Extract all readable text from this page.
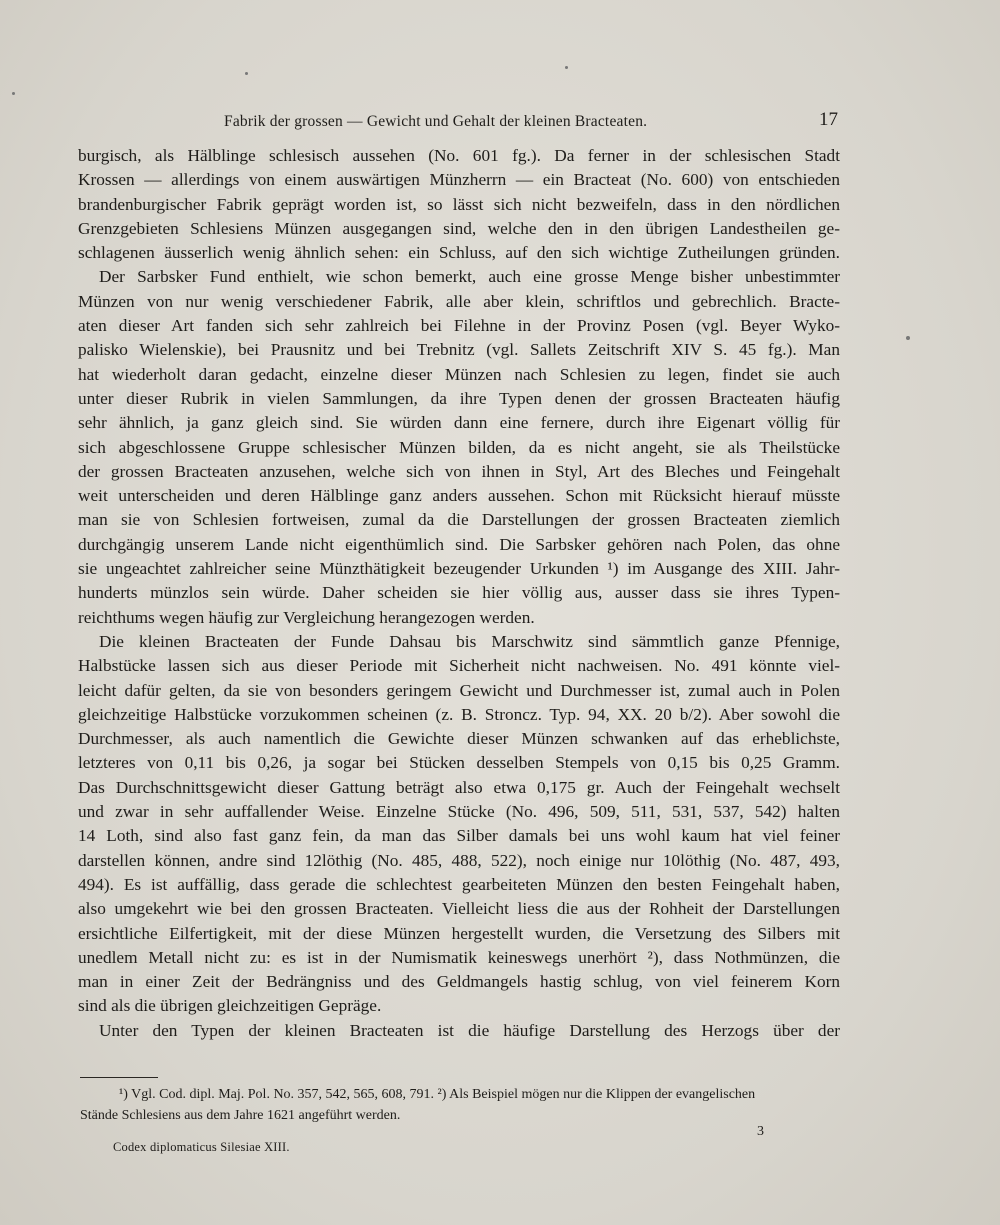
Fabrik der grossen — Gewicht und Gehalt der kleinen Bracteaten.	17
burgisch, als Hälblinge schlesisch aussehen (No. 601 fg.). Da ferner in der schlesischen Stadt
Krossen — allerdings von einem auswärtigen Münzherrn — ein Bracteat (No. 600) von entschieden
brandenburgischer Fabrik geprägt worden ist, so lässt sich nicht bezweifeln, dass in den nördlichen
Grenzgebieten Schlesiens Münzen ausgegangen sind, welche den in den übrigen Landestheilen ge-
schlagenen äusserlich wenig ähnlich sehen: ein Schluss, auf den sich wichtige Zutheilungen gründen.
Der Sarbsker Fund enthielt, wie schon bemerkt, auch eine grosse Menge bisher unbestimmter
Münzen von nur wenig verschiedener Fabrik, alle aber klein, schriftlos und gebrechlich. Bracte-
aten dieser Art fanden sich sehr zahlreich bei Filehne in der Provinz Posen (vgl. Beyer Wyko-
palisko Wielenskie), bei Prausnitz und bei Trebnitz (vgl. Sallets Zeitschrift XIV S. 45 fg.). Man
hat wiederholt daran gedacht, einzelne dieser Münzen nach Schlesien zu legen, findet sie auch
unter dieser Rubrik in vielen Sammlungen, da ihre Typen denen der grossen Bracteaten häufig
sehr ähnlich, ja ganz gleich sind. Sie würden dann eine fernere, durch ihre Eigenart völlig für
sich abgeschlossene Gruppe schlesischer Münzen bilden, da es nicht angeht, sie als Theilstücke
der grossen Bracteaten anzusehen, welche sich von ihnen in Styl, Art des Bleches und Feingehalt
weit unterscheiden und deren Hälblinge ganz anders aussehen. Schon mit Rücksicht hierauf müsste
man sie von Schlesien fortweisen, zumal da die Darstellungen der grossen Bracteaten ziemlich
durchgängig unserem Lande nicht eigenthümlich sind. Die Sarbsker gehören nach Polen, das ohne
sie ungeachtet zahlreicher seine Münzthätigkeit bezeugender Urkunden ¹) im Ausgange des XIII. Jahr-
hunderts münzlos sein würde. Daher scheiden sie hier völlig aus, ausser dass sie ihres Typen-
reichthums wegen häufig zur Vergleichung herangezogen werden.
Die kleinen Bracteaten der Funde Dahsau bis Marschwitz sind sämmtlich ganze Pfennige,
Halbstücke lassen sich aus dieser Periode mit Sicherheit nicht nachweisen. No. 491 könnte viel-
leicht dafür gelten, da sie von besonders geringem Gewicht und Durchmesser ist, zumal auch in Polen
gleichzeitige Halbstücke vorzukommen scheinen (z. B. Stroncz. Typ. 94, XX. 20 b/2). Aber sowohl die
Durchmesser, als auch namentlich die Gewichte dieser Münzen schwanken auf das erheblichste,
letzteres von 0,11 bis 0,26, ja sogar bei Stücken desselben Stempels von 0,15 bis 0,25 Gramm.
Das Durchschnittsgewicht dieser Gattung beträgt also etwa 0,175 gr. Auch der Feingehalt wechselt
und zwar in sehr auffallender Weise. Einzelne Stücke (No. 496, 509, 511, 531, 537, 542) halten
14 Loth, sind also fast ganz fein, da man das Silber damals bei uns wohl kaum hat viel feiner
darstellen können, andre sind 12löthig (No. 485, 488, 522), noch einige nur 10löthig (No. 487, 493,
494). Es ist auffällig, dass gerade die schlechtest gearbeiteten Münzen den besten Feingehalt haben,
also umgekehrt wie bei den grossen Bracteaten. Vielleicht liess die aus der Rohheit der Darstellungen
ersichtliche Eilfertigkeit, mit der diese Münzen hergestellt wurden, die Versetzung des Silbers mit
unedlem Metall nicht zu: es ist in der Numismatik keineswegs unerhört ²), dass Nothmünzen, die
man in einer Zeit der Bedrängniss und des Geldmangels hastig schlug, von viel feinerem Korn
sind als die übrigen gleichzeitigen Gepräge.
Unter den Typen der kleinen Bracteaten ist die häufige Darstellung des Herzogs über der
¹) Vgl. Cod. dipl. Maj. Pol. No. 357, 542, 565, 608, 791. ²) Als Beispiel mögen nur die Klippen der evangelischen
Stände Schlesiens aus dem Jahre 1621 angeführt werden.
Codex diplomaticus Silesiae XIII.
3
